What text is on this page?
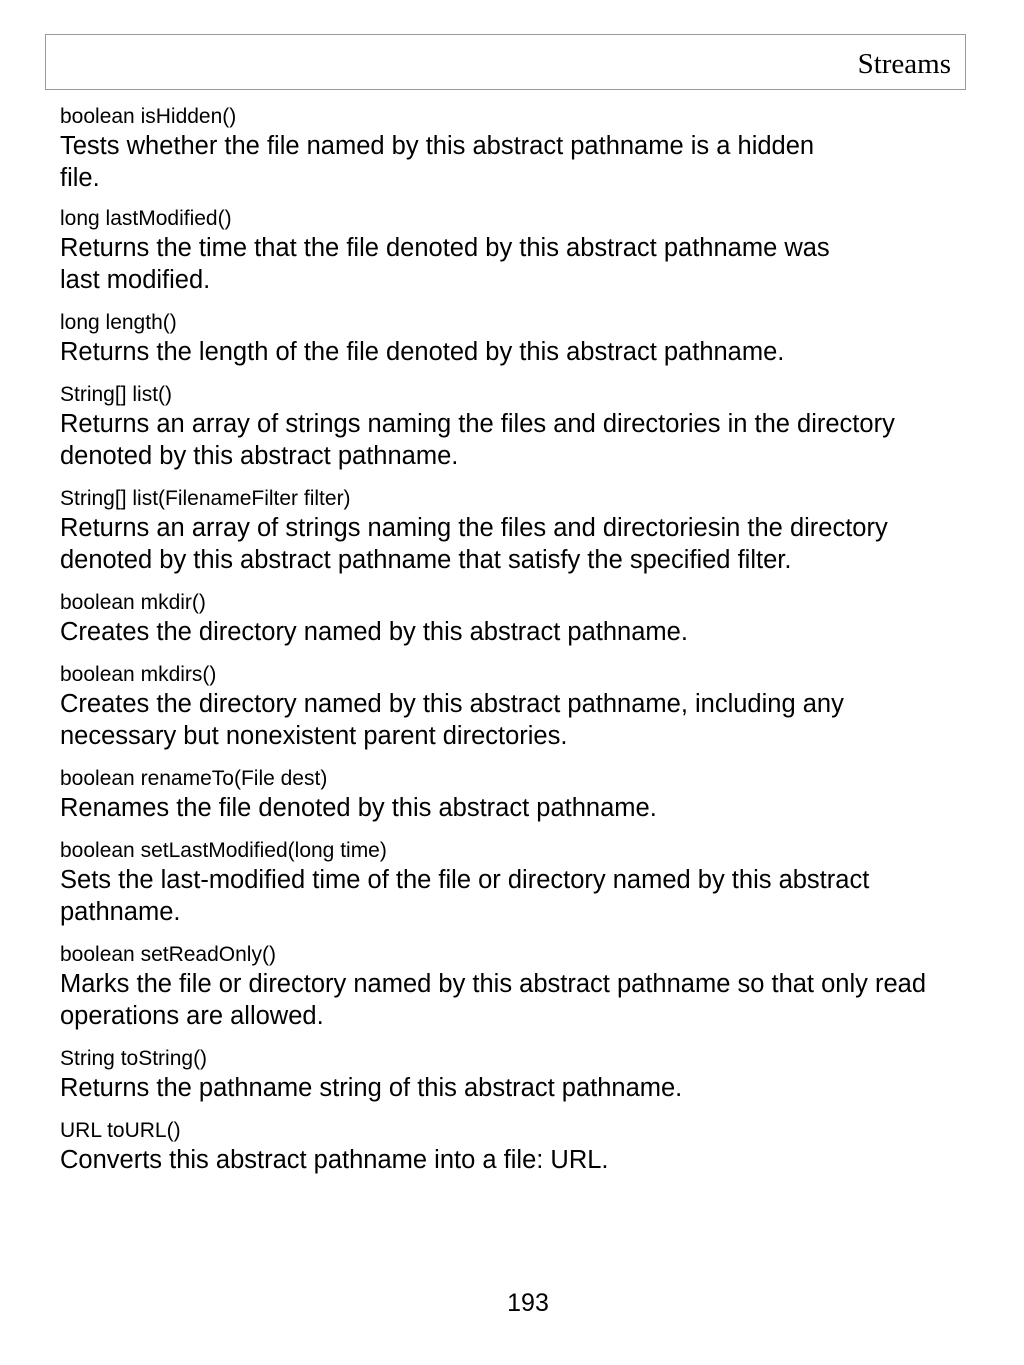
Streams
boolean isHidden()
Tests whether the file named by this abstract pathname is a hidden file.
long lastModified()
Returns the time that the file denoted by this abstract pathname was last modified.
long length()
Returns the length of the file denoted by this abstract pathname.
String[] list()
Returns an array of strings naming the files and directories in the directory denoted by this abstract pathname.
String[] list(FilenameFilter filter)
Returns an array of strings naming the files and directoriesin the directory denoted by this abstract pathname that satisfy the specified filter.
boolean mkdir()
Creates the directory named by this abstract pathname.
boolean mkdirs()
Creates the directory named by this abstract pathname, including any necessary but nonexistent parent directories.
boolean renameTo(File dest)
Renames the file denoted by this abstract pathname.
boolean setLastModified(long time)
Sets the last-modified time of the file or directory named by this abstract pathname.
boolean setReadOnly()
Marks the file or directory named by this abstract pathname so that only read operations are allowed.
String toString()
Returns the pathname string of this abstract pathname.
URL toURL()
Converts this abstract pathname into a file: URL.
193
